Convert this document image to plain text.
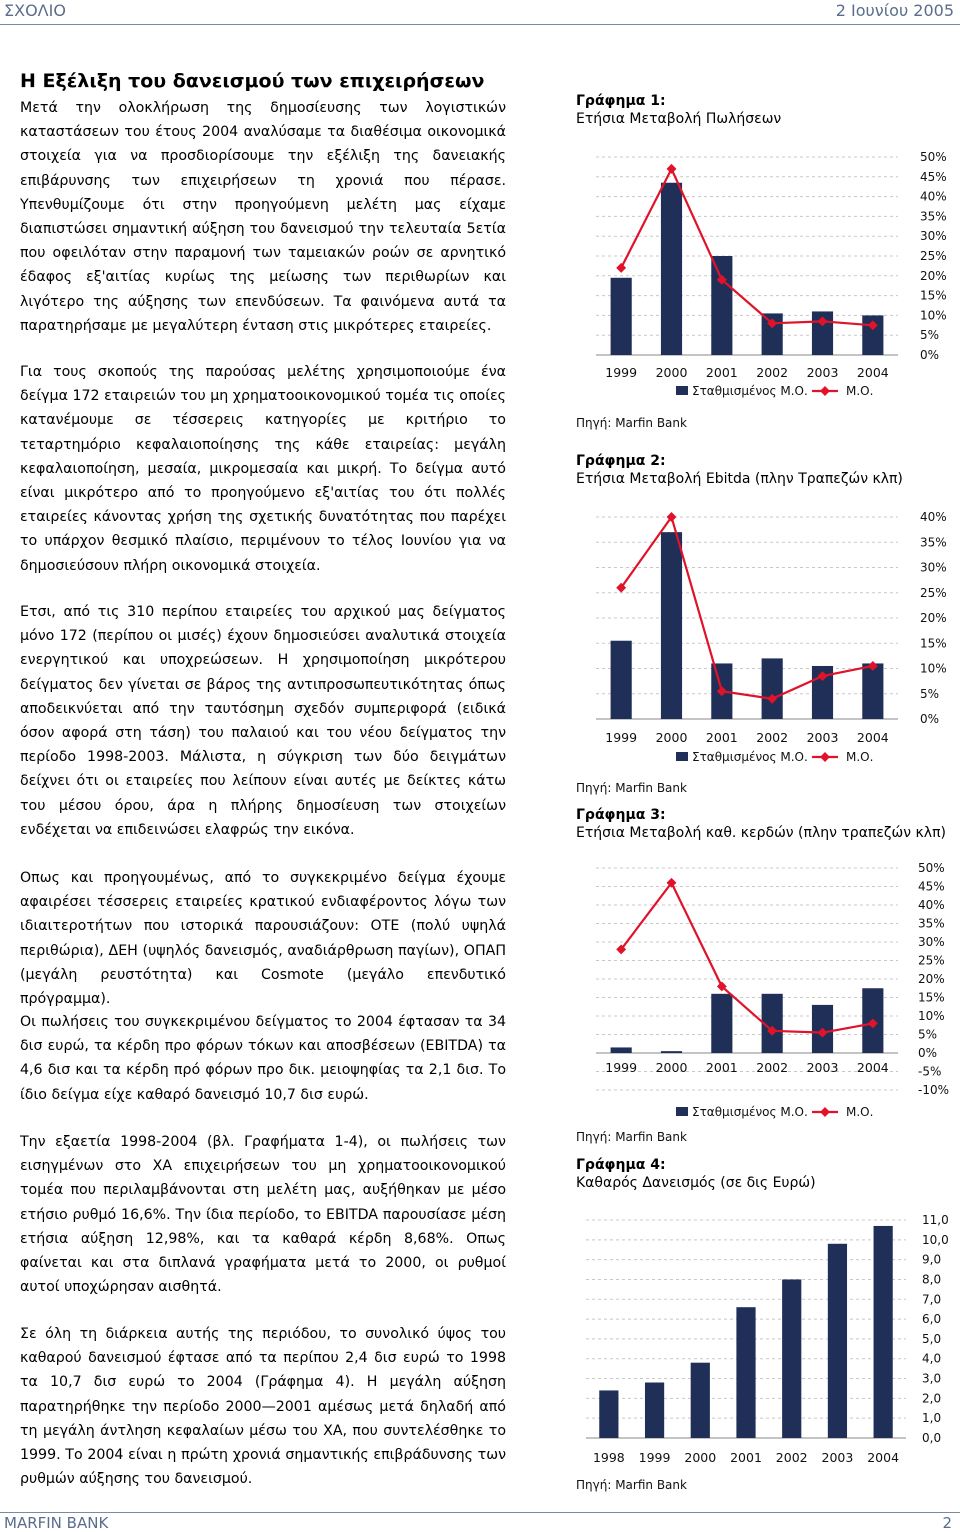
ΣΧΟΛΙΟ	2 Ιουνίου 2005
MARFIN BANK	2
Η Εξέλιξη του δανεισμού των επιχειρήσεων
Μετά την ολοκλήρωση της δημοσίευσης των λογιστικών καταστάσεων του έτους 2004 αναλύσαμε τα διαθέσιμα οικονομικά στοιχεία για να προσδιορίσουμε την εξέλιξη της δανειακής επιβάρυνσης των επιχειρήσεων τη χρονιά που πέρασε. Υπενθυμίζουμε ότι στην προηγούμενη μελέτη μας είχαμε διαπιστώσει σημαντική αύξηση του δανεισμού την τελευταία 5ετία που οφειλόταν στην παραμονή των ταμειακών ροών σε αρνητικό έδαφος εξ'αιτίας κυρίως της μείωσης των περιθωρίων και λιγότερο της αύξησης των επενδύσεων. Τα φαινόμενα αυτά τα παρατηρήσαμε με μεγαλύτερη ένταση στις μικρότερες εταιρείες.
Για τους σκοπούς της παρούσας μελέτης χρησιμοποιούμε ένα δείγμα 172 εταιρειών του μη χρηματοοικονομικού τομέα τις οποίες κατανέμουμε σε τέσσερεις κατηγορίες με κριτήριο το τεταρτημόριο κεφαλαιοποίησης της κάθε εταιρείας: μεγάλη κεφαλαιοποίηση, μεσαία, μικρομεσαία και μικρή. Το δείγμα αυτό είναι μικρότερο από το προηγούμενο εξ'αιτίας του ότι πολλές εταιρείες κάνοντας χρήση της σχετικής δυνατότητας που παρέχει το υπάρχον θεσμικό πλαίσιο, περιμένουν το τέλος Ιουνίου για να δημοσιεύσουν πλήρη οικονομικά στοιχεία.
Ετσι, από τις 310 περίπου εταιρείες του αρχικού μας δείγματος μόνο 172 (περίπου οι μισές) έχουν δημοσιεύσει αναλυτικά στοιχεία ενεργητικού και υποχρεώσεων. Η χρησιμοποίηση μικρότερου δείγματος δεν γίνεται σε βάρος της αντιπροσωπευτικότητας όπως αποδεικνύεται από την ταυτόσημη σχεδόν συμπεριφορά (ειδικά όσον αφορά στη τάση) του παλαιού και του νέου δείγματος την περίοδο 1998-2003. Μάλιστα, η σύγκριση των δύο δειγμάτων δείχνει ότι οι εταιρείες που λείπουν είναι αυτές με δείκτες κάτω του μέσου όρου, άρα η πλήρης δημοσίευση των στοιχείων ενδέχεται να επιδεινώσει ελαφρώς την εικόνα.
Οπως και προηγουμένως, από το συγκεκριμένο δείγμα έχουμε αφαιρέσει τέσσερεις εταιρείες κρατικού ενδιαφέροντος λόγω των ιδιαιτεροτήτων που ιστορικά παρουσιάζουν: ΟΤΕ (πολύ υψηλά περιθώρια), ΔΕΗ (υψηλός δανεισμός, αναδιάρθρωση παγίων), ΟΠΑΠ (μεγάλη ρευστότητα) και Cosmote (μεγάλο επενδυτικό πρόγραμμα).
Οι πωλήσεις του συγκεκριμένου δείγματος το 2004 έφτασαν τα 34 δισ ευρώ, τα κέρδη προ φόρων τόκων και αποσβέσεων (EBITDA) τα 4,6 δισ και τα κέρδη πρό φόρων προ δικ. μειοψηφίας τα 2,1 δισ. Το ίδιο δείγμα είχε καθαρό δανεισμό 10,7 δισ ευρώ.
Την εξαετία 1998-2004 (βλ. Γραφήματα 1-4), οι πωλήσεις των εισηγμένων στο ΧΑ επιχειρήσεων του μη χρηματοοικονομικού τομέα που περιλαμβάνονται στη μελέτη μας, αυξήθηκαν με μέσο ετήσιο ρυθμό 16,6%. Την ίδια περίοδο, το EBITDA παρουσίασε μέση ετήσια αύξηση 12,98%, και τα καθαρά κέρδη 8,68%. Οπως φαίνεται και στα διπλανά γραφήματα μετά το 2000, οι ρυθμοί αυτοί υποχώρησαν αισθητά.
Σε όλη τη διάρκεια αυτής της περιόδου, το συνολικό ύψος του καθαρού δανεισμού έφτασε από τα περίπου 2,4 δισ ευρώ το 1998 τα 10,7 δισ ευρώ το 2004 (Γράφημα 4). Η μεγάλη αύξηση παρατηρήθηκε την περίοδο 2000—2001 αμέσως μετά δηλαδή από τη μεγάλη άντληση κεφαλαίων μέσω του ΧΑ, που συντελέσθηκε το 1999. Το 2004 είναι η πρώτη χρονιά σημαντικής επιβράδυνσης των ρυθμών αύξησης του δανεισμού.
Γράφημα 1:
Ετήσια Μεταβολή Πωλήσεων
0%
5%
10%
15%
20%
25%
30%
35%
40%
45%
50%
1999 2000 2001 2002 2003 2004
Σταθμισμένος Μ.Ο.	Μ.Ο.
Πηγή: Marfin Bank
Γράφημα 2:
Ετήσια Μεταβολή Ebitda (πλην Τραπεζών κλπ)
0%
5%
10%
15%
20%
25%
30%
35%
40%
1999 2000 2001 2002 2003 2004
Σταθμισμένος Μ.Ο.	Μ.Ο.
Πηγή: Marfin Bank
Γράφημα 3:
Ετήσια Μεταβολή καθ. κερδών (πλην τραπεζών κλπ)
-10%
-5%
0%
5%
10%
15%
20%
25%
30%
35%
40%
45%
50%
1999 2000 2001 2002 2003 2004
Σταθμισμένος Μ.Ο.	Μ.Ο.
Πηγή: Marfin Bank
Γράφημα 4:
Καθαρός Δανεισμός (σε δις Ευρώ)
0,0
1,0
2,0
3,0
4,0
5,0
6,0
7,0
8,0
9,0
10,0
11,0
1998 1999 2000 2001 2002 2003 2004
Πηγή: Marfin Bank
